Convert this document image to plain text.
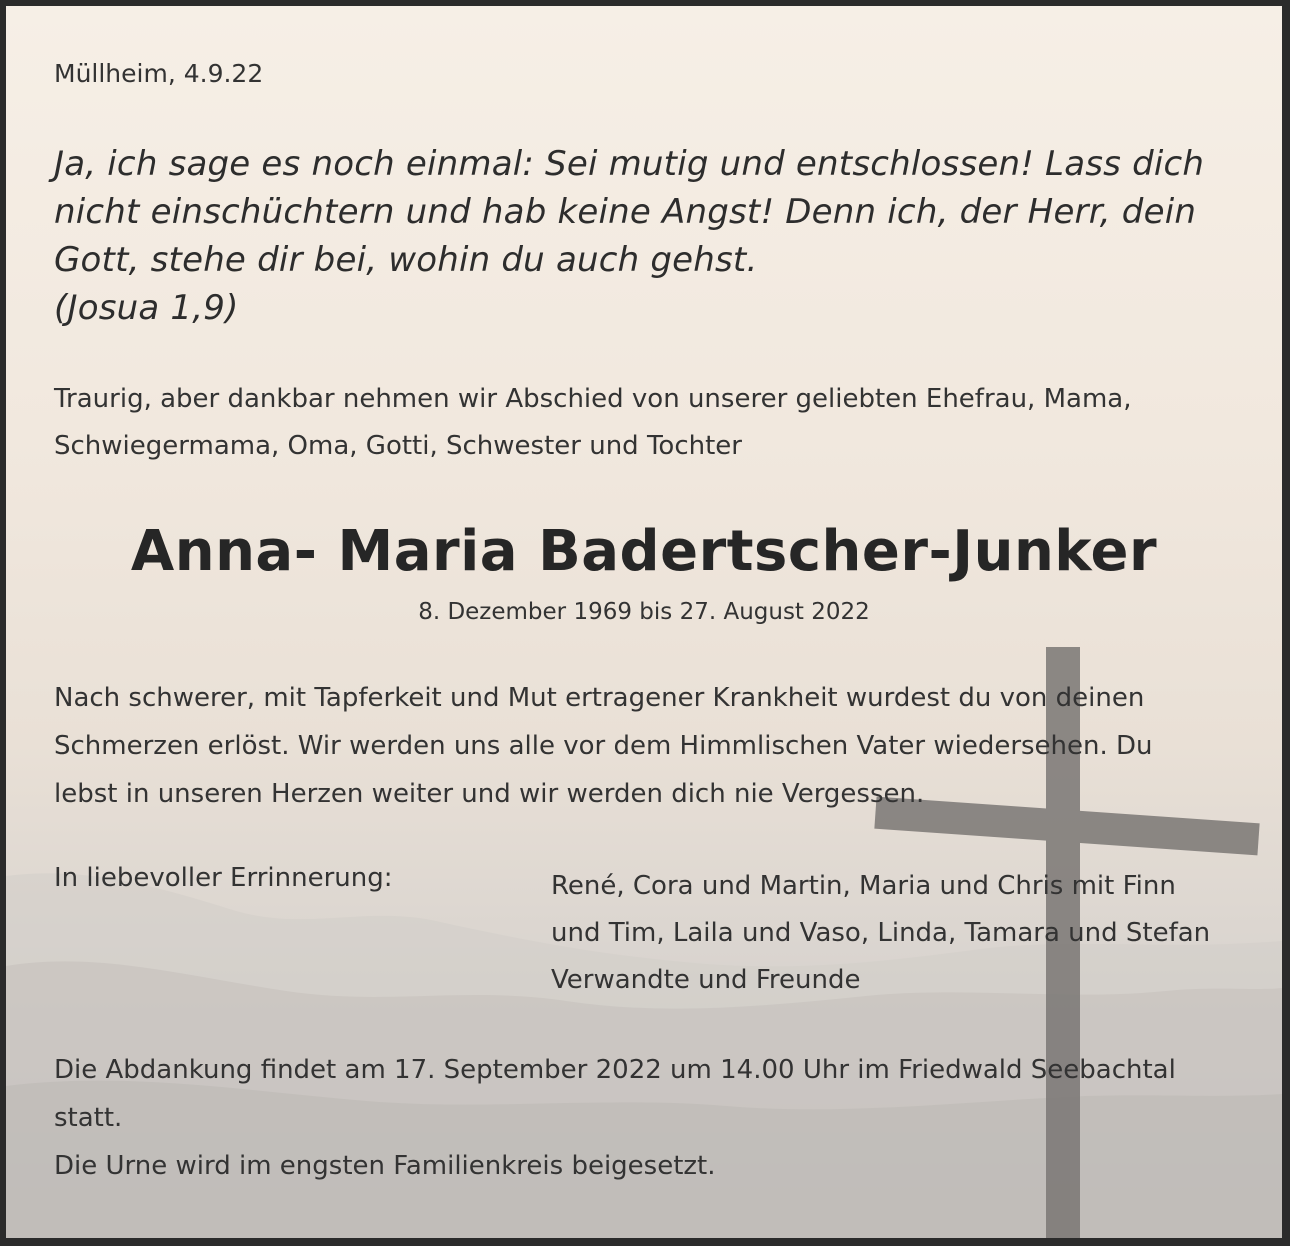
Müllheim, 4.9.22

Ja, ich sage es noch einmal: Sei mutig und entschlossen! Lass dich
nicht einschüchtern und hab keine Angst! Denn ich, der Herr, dein
Gott, stehe dir bei, wohin du auch gehst.
(Josua 1,9)
Traurig, aber dankbar nehmen wir Abschied von unserer geliebten Ehefrau, Mama,
Schwiegermama, Oma, Gotti, Schwester und Tochter

Anna- Maria Badertscher-Junker

8. Dezember 1969 bis 27. August 2022

Nach schwerer, mit Tapferkeit und Mut ertragener Krankheit wurdest du von deinen
Schmerzen erlöst. Wir werden uns alle vor dem Himmlischen Vater wiedersehen. Du
lebst in unseren Herzen weiter und wir werden dich nie Vergessen.

In liebevoller Errinnerung:	René, Cora und Martin, Maria und Chris mit Finn
und Tim, Laila und Vaso, Linda, Tamara und Stefan
Verwandte und Freunde
Die Abdankung findet am 17. September 2022 um 14.00 Uhr im Friedwald Seebachtal
statt.
Die Urne wird im engsten Familienkreis beigesetzt.
